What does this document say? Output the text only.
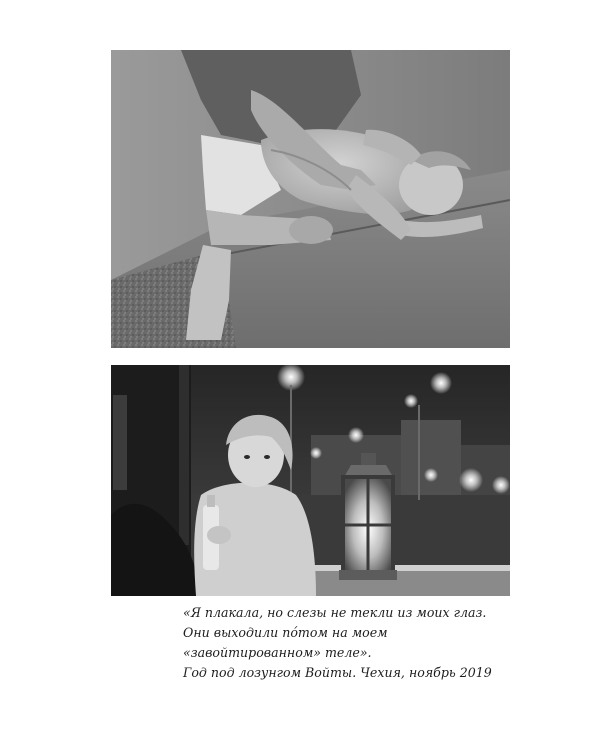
«Я плакала, но слезы не текли из моих глаз.
Они выходили пóтом на моем
«завойтированном» теле».
Год под лозунгом Войты. Чехия, ноябрь 2019
